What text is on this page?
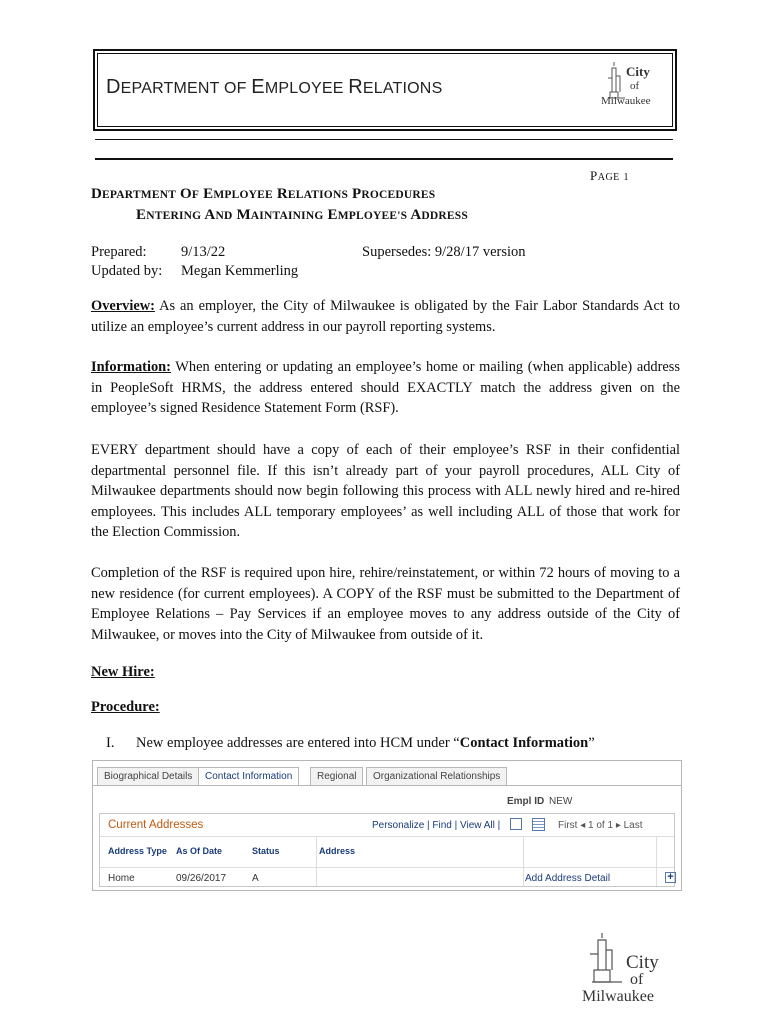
DEPARTMENT OF EMPLOYEE RELATIONS
City
of
Milwaukee
PAGE 1
DEPARTMENT OF EMPLOYEE RELATIONS PROCEDURES
ENTERING AND MAINTAINING EMPLOYEE'S ADDRESS
Prepared: 9/13/22	Supersedes: 9/28/17 version
Updated by: Megan Kemmerling
Overview: As an employer, the City of Milwaukee is obligated by the Fair Labor Standards Act to utilize an employee’s current address in our payroll reporting systems.
Information: When entering or updating an employee’s home or mailing (when applicable) address in PeopleSoft HRMS, the address entered should EXACTLY match the address given on the employee’s signed Residence Statement Form (RSF).
EVERY department should have a copy of each of their employee’s RSF in their confidential departmental personnel file. If this isn’t already part of your payroll procedures, ALL City of Milwaukee departments should now begin following this process with ALL newly hired and re-hired employees. This includes ALL temporary employees’ as well including ALL of those that work for the Election Commission.
Completion of the RSF is required upon hire, rehire/reinstatement, or within 72 hours of moving to a new residence (for current employees). A COPY of the RSF must be submitted to the Department of Employee Relations – Pay Services if an employee moves to any address outside of the City of Milwaukee, or moves into the City of Milwaukee from outside of it.
New Hire:
Procedure:
I. New employee addresses are entered into HCM under “Contact Information”
Biographical Details	Contact Information	Regional	Organizational Relationships
Empl ID NEW
Current Addresses	Personalize | Find | View All |	First ◂ 1 of 1 ▸ Last
Address Type As Of Date	Status	Address
Home	09/26/2017	A	Add Address Detail	+
City
of
Milwaukee
